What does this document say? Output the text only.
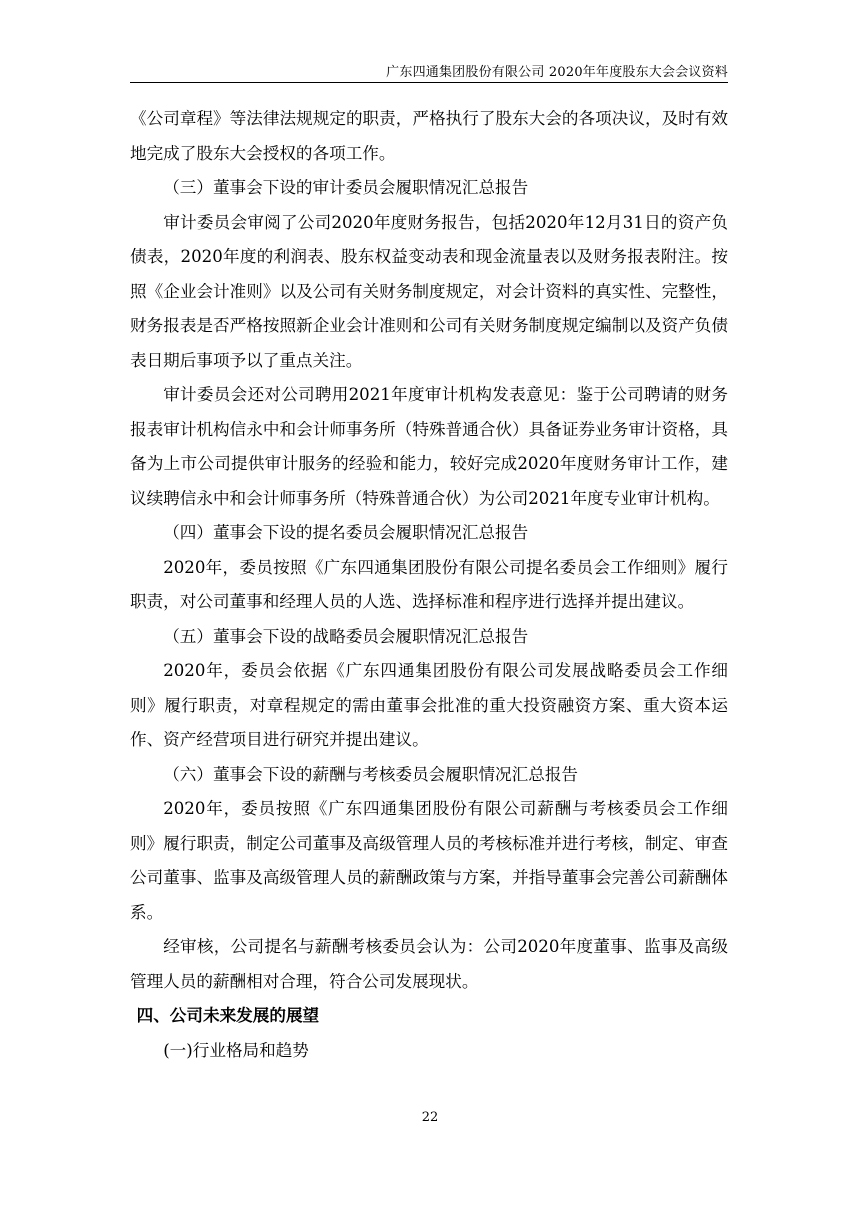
广东四通集团股份有限公司 2020年年度股东大会会议资料

《公司章程》等法律法规规定的职责，严格执行了股东大会的各项决议，及时有效地完成了股东大会授权的各项工作。

（三）董事会下设的审计委员会履职情况汇总报告

审计委员会审阅了公司2020年度财务报告，包括2020年12月31日的资产负债表，2020年度的利润表、股东权益变动表和现金流量表以及财务报表附注。按照《企业会计准则》以及公司有关财务制度规定，对会计资料的真实性、完整性，财务报表是否严格按照新企业会计准则和公司有关财务制度规定编制以及资产负债表日期后事项予以了重点关注。

审计委员会还对公司聘用2021年度审计机构发表意见：鉴于公司聘请的财务报表审计机构信永中和会计师事务所（特殊普通合伙）具备证券业务审计资格，具备为上市公司提供审计服务的经验和能力，较好完成2020年度财务审计工作，建议续聘信永中和会计师事务所（特殊普通合伙）为公司2021年度专业审计机构。

（四）董事会下设的提名委员会履职情况汇总报告

2020年，委员按照《广东四通集团股份有限公司提名委员会工作细则》履行职责，对公司董事和经理人员的人选、选择标准和程序进行选择并提出建议。

（五）董事会下设的战略委员会履职情况汇总报告

2020年，委员会依据《广东四通集团股份有限公司发展战略委员会工作细则》履行职责，对章程规定的需由董事会批准的重大投资融资方案、重大资本运作、资产经营项目进行研究并提出建议。

（六）董事会下设的薪酬与考核委员会履职情况汇总报告

2020年，委员按照《广东四通集团股份有限公司薪酬与考核委员会工作细则》履行职责，制定公司董事及高级管理人员的考核标准并进行考核，制定、审查公司董事、监事及高级管理人员的薪酬政策与方案，并指导董事会完善公司薪酬体系。

经审核，公司提名与薪酬考核委员会认为：公司2020年度董事、监事及高级管理人员的薪酬相对合理，符合公司发展现状。

四、公司未来发展的展望

(一)行业格局和趋势

22
